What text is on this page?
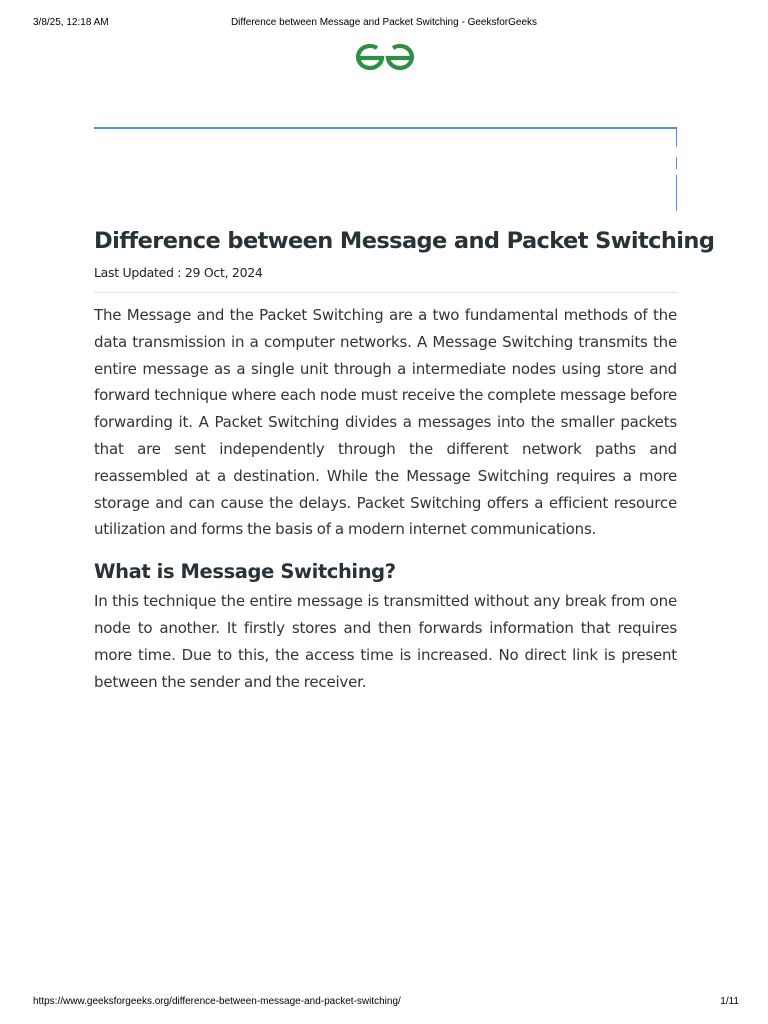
3/8/25, 12:18 AM	Difference between Message and Packet Switching - GeeksforGeeks
Difference between Message and Packet Switching
Last Updated : 29 Oct, 2024

The Message and the Packet Switching are a two fundamental methods of the data transmission in a computer networks. A Message Switching transmits the entire message as a single unit through a intermediate nodes using store and forward technique where each node must receive the complete message before forwarding it. A Packet Switching divides a messages into the smaller packets that are sent independently through the different network paths and reassembled at a destination. While the Message Switching requires a more storage and can cause the delays. Packet Switching offers a efficient resource utilization and forms the basis of a modern internet communications.

What is Message Switching?

In this technique the entire message is transmitted without any break from one node to another. It firstly stores and then forwards information that requires more time. Due to this, the access time is increased. No direct link is present between the sender and the receiver.

https://www.geeksforgeeks.org/difference-between-message-and-packet-switching/	1/11
